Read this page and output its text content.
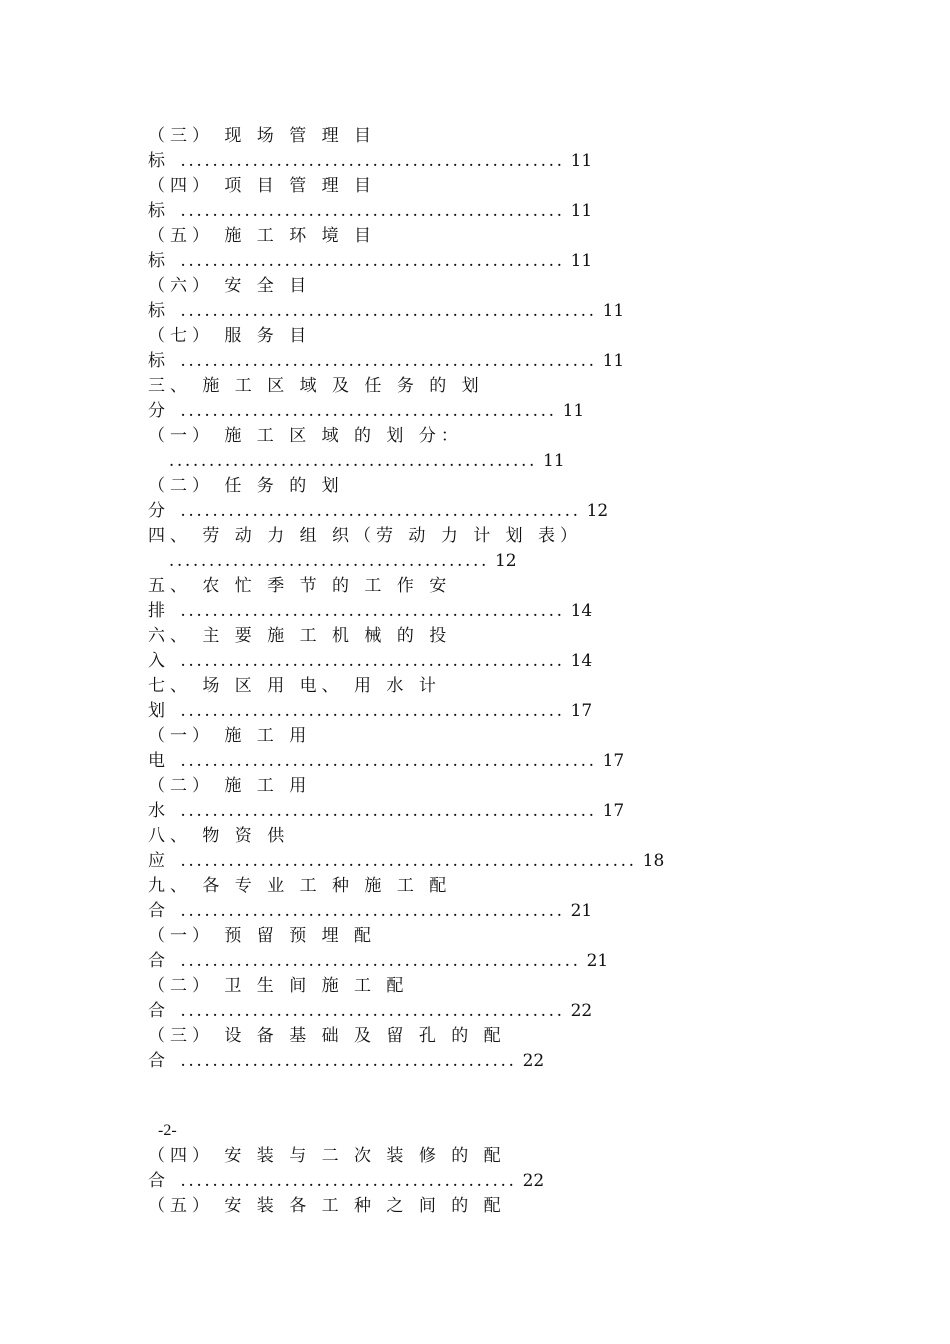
（三） 现 场 管 理 目
标 ................................................ 11
（四） 项 目 管 理 目
标 ................................................ 11
（五） 施 工 环 境 目
标 ................................................ 11
（六） 安 全 目
标 .................................................... 11
（七） 服 务 目
标 .................................................... 11
三、 施 工 区 域 及 任 务 的 划
分 ............................................... 11
（一） 施 工 区 域 的 划 分：
.............................................. 11
（二） 任 务 的 划
分 .................................................. 12
四、 劳 动 力 组 织（劳 动 力 计 划 表）
........................................ 12
五、 农 忙 季 节 的 工 作 安
排 ................................................ 14
六、 主 要 施 工 机 械 的 投
入 ................................................ 14
七、 场 区 用 电、 用 水 计
划 ................................................ 17
（一） 施 工 用
电 .................................................... 17
（二） 施 工 用
水 .................................................... 17
八、 物 资 供
应 ......................................................... 18
九、 各 专 业 工 种 施 工 配
合 ................................................ 21
（一） 预 留 预 埋 配
合 .................................................. 21
（二） 卫 生 间 施 工 配
合 ................................................ 22
（三） 设 备 基 础 及 留 孔 的 配
合 .......................................... 22
-2-
（四） 安 装 与 二 次 装 修 的 配
合 .......................................... 22
（五） 安 装 各 工 种 之 间 的 配
